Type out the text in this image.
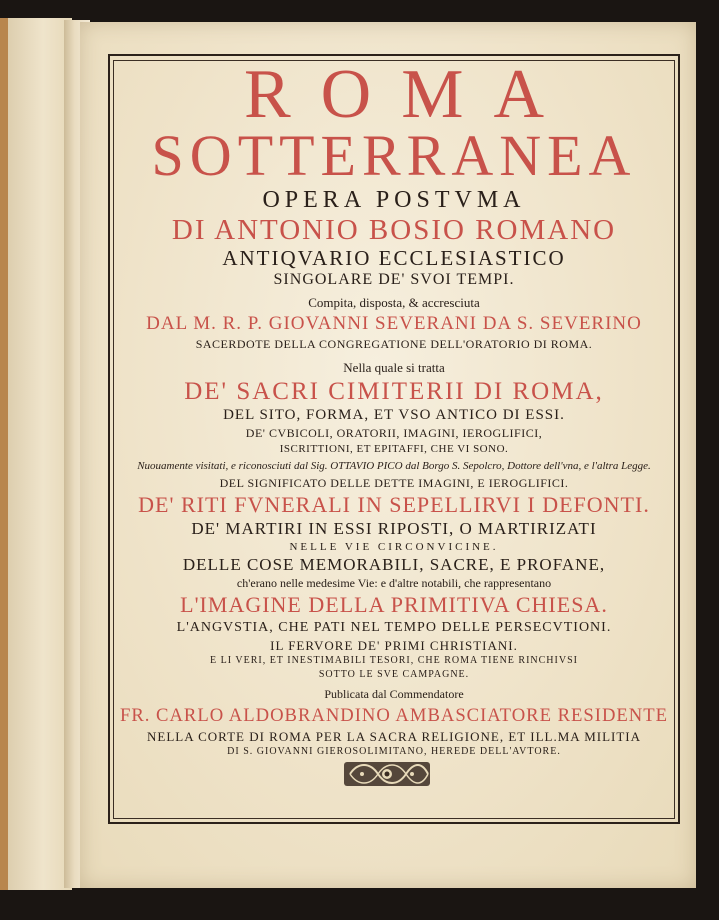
ROMA
SOTTERRANEA
OPERA POSTVMA
DI ANTONIO BOSIO ROMANO
ANTIQVARIO ECCLESIASTICO
SINGOLARE DE' SVOI TEMPI.
Compita, disposta, & accresciuta
DAL M. R. P. GIOVANNI SEVERANI DA S. SEVERINO
SACERDOTE DELLA CONGREGATIONE DELL'ORATORIO DI ROMA.
Nella quale si tratta
DE' SACRI CIMITERII DI ROMA,
DEL SITO, FORMA, ET VSO ANTICO DI ESSI.
DE' CVBICOLI, ORATORII, IMAGINI, IEROGLIFICI,
ISCRITTIONI, ET EPITAFFI, CHE VI SONO.
Nuouamente visitati, e riconosciuti dal Sig. OTTAVIO PICO dal Borgo S. Sepolcro, Dottore dell'vna, e l'altra Legge.
DEL SIGNIFICATO DELLE DETTE IMAGINI, E IEROGLIFICI.
DE' RITI FVNERALI IN SEPELLIRVI I DEFONTI.
DE' MARTIRI IN ESSI RIPOSTI, O MARTIRIZATI
NELLE VIE CIRCONVICINE.
DELLE COSE MEMORABILI, SACRE, E PROFANE,
ch'erano nelle medesime Vie: e d'altre notabili, che rappresentano
L'IMAGINE DELLA PRIMITIVA CHIESA.
L'ANGVSTIA, CHE PATI NEL TEMPO DELLE PERSECVTIONI.
IL FERVORE DE' PRIMI CHRISTIANI.
E LI VERI, ET INESTIMABILI TESORI, CHE ROMA TIENE RINCHIVSI
SOTTO LE SVE CAMPAGNE.
Publicata dal Commendatore
FR. CARLO ALDOBRANDINO AMBASCIATORE RESIDENTE
NELLA CORTE DI ROMA PER LA SACRA RELIGIONE, ET ILL.MA MILITIA
DI S. GIOVANNI GIEROSOLIMITANO, HEREDE DELL'AVTORE.
